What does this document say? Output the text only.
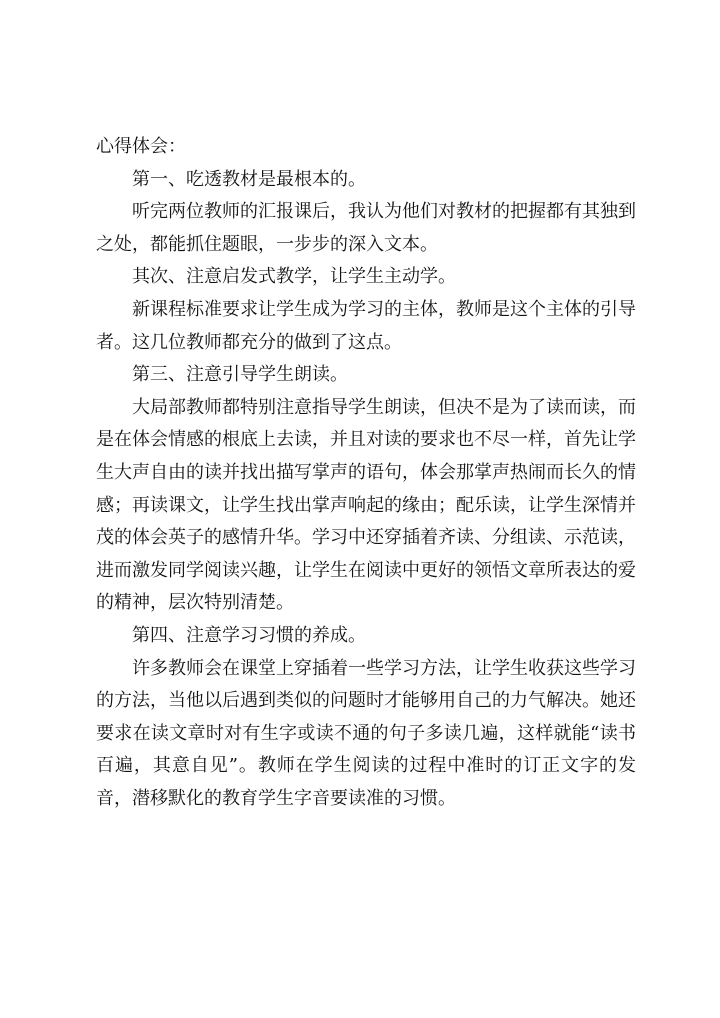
心得体会：

第一、吃透教材是最根本的。

听完两位教师的汇报课后，我认为他们对教材的把握都有其独到之处，都能抓住题眼，一步步的深入文本。

其次、注意启发式教学，让学生主动学。

新课程标准要求让学生成为学习的主体，教师是这个主体的引导者。这几位教师都充分的做到了这点。

第三、注意引导学生朗读。

大局部教师都特别注意指导学生朗读，但决不是为了读而读，而是在体会情感的根底上去读，并且对读的要求也不尽一样，首先让学生大声自由的读并找出描写掌声的语句，体会那掌声热闹而长久的情感；再读课文，让学生找出掌声响起的缘由；配乐读，让学生深情并茂的体会英子的感情升华。学习中还穿插着齐读、分组读、示范读，进而激发同学阅读兴趣，让学生在阅读中更好的领悟文章所表达的爱的精神，层次特别清楚。

第四、注意学习习惯的养成。

许多教师会在课堂上穿插着一些学习方法，让学生收获这些学习的方法，当他以后遇到类似的问题时才能够用自己的力气解决。她还要求在读文章时对有生字或读不通的句子多读几遍，这样就能“读书百遍，其意自见”。教师在学生阅读的过程中准时的订正文字的发音，潜移默化的教育学生字音要读准的习惯。
